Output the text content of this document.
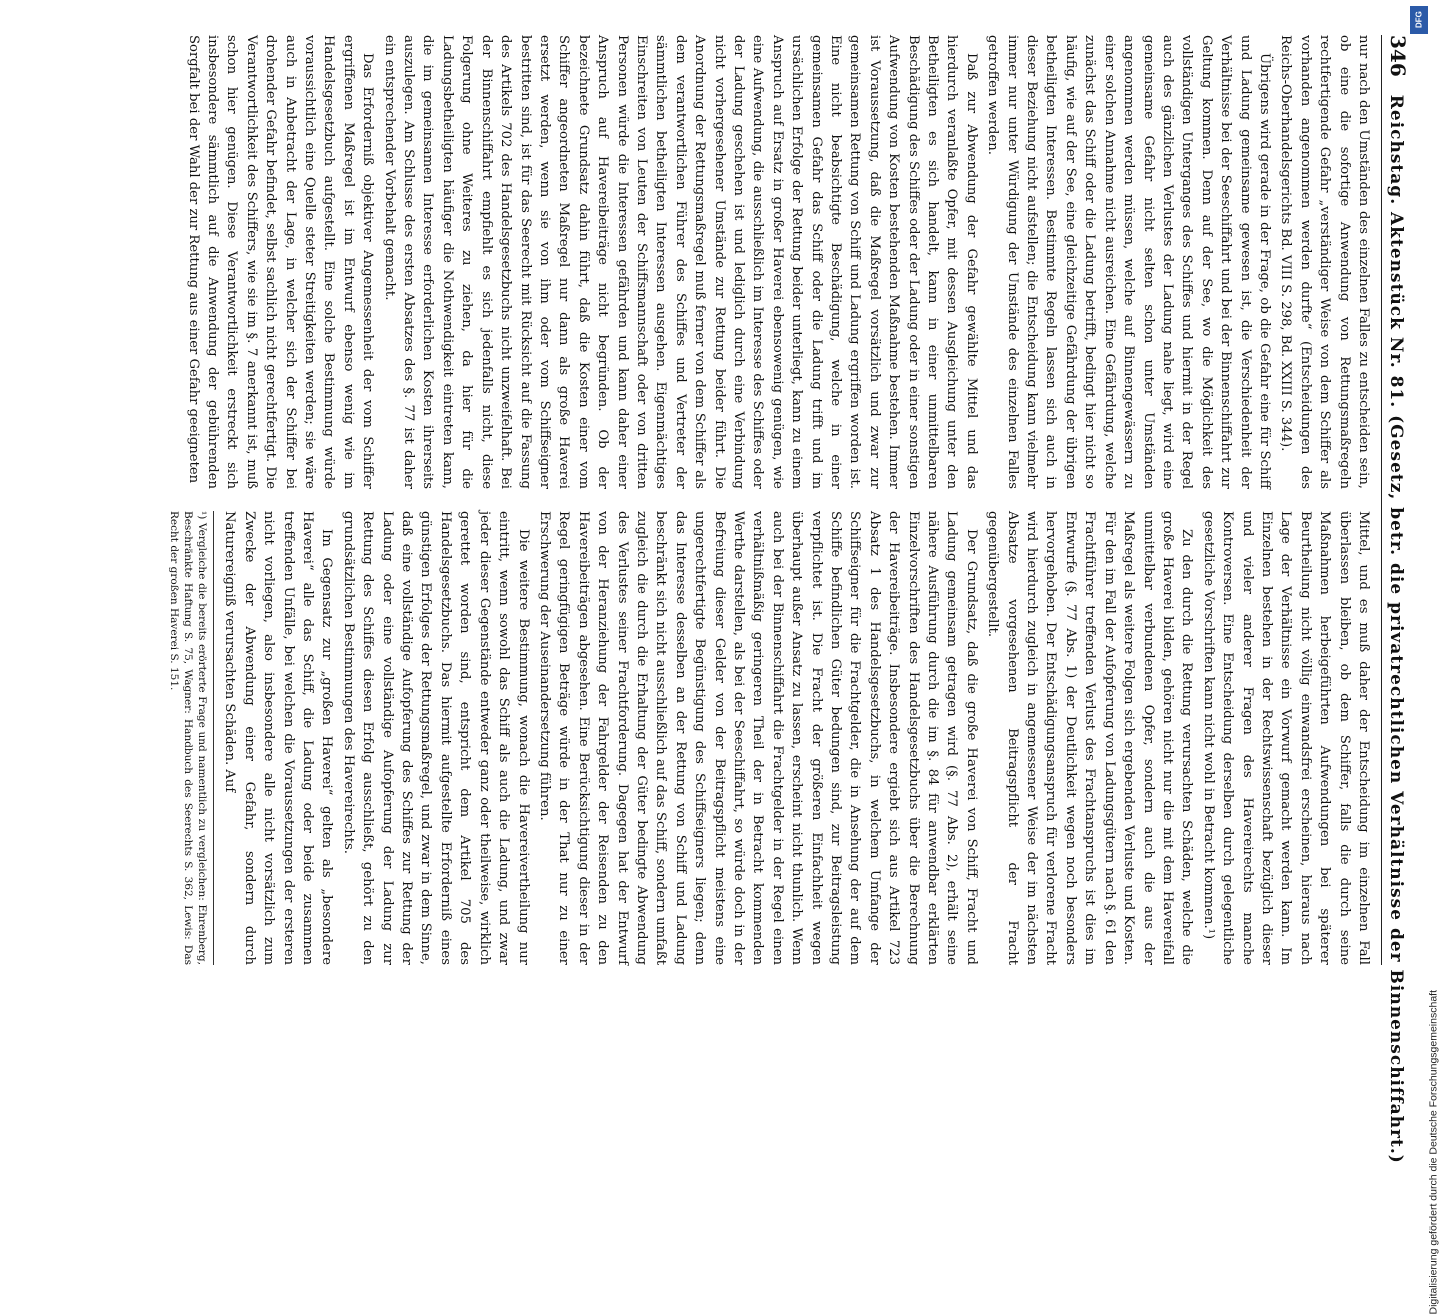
346
Reichstag. Aktenstück Nr. 81. (Gesetz, betr. die privatrechtlichen Verhältnisse der Binnenschiffahrt.)

nur nach den Umständen des einzelnen Falles zu entscheiden sein, ob eine die sofortige Anwendung von Rettungsmaßregeln rechtfertigende Gefahr „verständiger Weise von dem Schiffer als vorhanden angenommen werden durfte“ (Entscheidungen des Reichs-Oberhandelsgerichts Bd. VIII S. 298, Bd. XXIII S. 344).

Übrigens wird gerade in der Frage, ob die Gefahr eine für Schiff und Ladung gemeinsame gewesen ist, die Verschiedenheit der Verhältnisse bei der Seeschiffahrt und bei der Binnenschiffahrt zur Geltung kommen. Denn auf der See, wo die Möglichkeit des vollständigen Unterganges des Schiffes und hiermit in der Regel auch des gänzlichen Verlustes der Ladung nahe liegt, wird eine gemeinsame Gefahr nicht selten schon unter Umständen angenommen werden müssen, welche auf Binnengewässern zu einer solchen Annahme nicht ausreichen. Eine Gefährdung, welche zunächst das Schiff oder die Ladung betrifft, bedingt hier nicht so häufig, wie auf der See, eine gleichzeitige Gefährdung der übrigen betheiligten Interessen. Bestimmte Regeln lassen sich auch in dieser Beziehung nicht aufstellen; die Entscheidung kann vielmehr immer nur unter Würdigung der Umstände des einzelnen Falles getroffen werden.

Daß zur Abwendung der Gefahr gewählte Mittel und das hierdurch veranlaßte Opfer, mit dessen Ausgleichung unter den Betheiligten es sich handelt, kann in einer unmittelbaren Beschädigung des Schiffes oder der Ladung oder in einer sonstigen Aufwendung von Kosten bestehenden Maßnahme bestehen. Immer ist Voraussetzung, daß die Maßregel vorsätzlich und zwar zur gemeinsamen Rettung von Schiff und Ladung ergriffen worden ist. Eine nicht beabsichtigte Beschädigung, welche in einer gemeinsamen Gefahr das Schiff oder die Ladung trifft und im ursächlichen Erfolge der Rettung beider unterliegt, kann zu einem Anspruch auf Ersatz in großer Haverei ebensowenig genügen, wie eine Aufwendung, die ausschließlich im Interesse des Schiffes oder der Ladung geschehen ist und lediglich durch eine Verbindung nicht vorhergesehener Umstände zur Rettung beider führt. Die Anordnung der Rettungsmaßregel muß ferner von dem Schiffer als dem verantwortlichen Führer des Schiffes und Vertreter der sämmtlichen betheiligten Interessen ausgehen. Eigenmächtiges Einschreiten von Leuten der Schiffsmannschaft oder von dritten Personen würde die Interessen gefährden und kann daher einer Anspruch auf Havereibeiträge nicht begründen. Ob der bezeichnete Grundsatz dahin führt, daß die Kosten einer vom Schiffer angeordneten Maßregel nur dann als große Haverei ersetzt werden, wenn sie von ihm oder vom Schiffseigner bestritten sind, ist für das Seerecht mit Rücksicht auf die Fassung des Artikels 702 des Handelsgesetzbuchs nicht unzweifelhaft. Bei der Binnenschiffahrt empfiehlt es sich jedenfalls nicht, diese Folgerung ohne Weiteres zu ziehen, da hier für die Ladungsbetheiligten häufiger die Nothwendigkeit eintreten kann, die im gemeinsamen Interesse erforderlichen Kosten ihrerseits auszulegen. Am Schlusse des ersten Absatzes des §. 77 ist daher ein entsprechender Vorbehalt gemacht.

Das Erforderniß objektiver Angemessenheit der vom Schiffer ergriffenen Maßregel ist im Entwurf ebenso wenig wie im Handelsgesetzbuch aufgestellt. Eine solche Bestimmung würde voraussichtlich eine Quelle steter Streitigkeiten werden; sie wäre auch in Anbetracht der Lage, in welcher sich der Schiffer bei drohender Gefahr befindet, selbst sachlich nicht gerechtfertigt. Die Verantwortlichkeit des Schiffers, wie sie im §. 7 anerkannt ist, muß schon hier genügen. Diese Verantwortlichkeit erstreckt sich insbesondere sämmtlich auf die Anwendung der gebührenden Sorgfalt bei der Wahl der zur Rettung aus einer Gefahr geeigneten

Mittel, und es muß daher der Entscheidung im einzelnen Fall überlassen bleiben, ob dem Schiffer, falls die durch seine Maßnahmen herbeigeführten Aufwendungen bei späterer Beurtheilung nicht völlig einwandsfrei erscheinen, hieraus nach Lage der Verhältnisse ein Vorwurf gemacht werden kann. Im Einzelnen bestehen in der Rechtswissenschaft bezüglich dieser und vieler anderer Fragen des Havereirechts manche Kontroversen. Eine Entscheidung derselben durch gelegentliche gesetzliche Vorschriften kann nicht wohl in Betracht kommen.¹)

Zu den durch die Rettung verursachten Schäden, welche die große Haverei bilden, gehören nicht nur die mit dem Havereifall unmittelbar verbundenen Opfer, sondern auch die aus der Maßregel als weitere Folgen sich ergebenden Verluste und Kosten. Für den im Fall der Aufopferung von Ladungsgütern nach §. 61 den Frachtführer treffenden Verlust des Frachtanspruchs ist dies im Entwurfe (§. 77 Abs. 1) der Deutlichkeit wegen noch besonders hervorgehoben. Der Entschädigungsanspruch für verlorene Fracht wird hierdurch zugleich in angemessener Weise der im nächsten Absatze vorgesehenen Beitragspflicht der Fracht gegenübergestellt.

Der Grundsatz, daß die große Haverei von Schiff, Fracht und Ladung gemeinsam getragen wird (§. 77 Abs. 2), erhält seine nähere Ausführung durch die im §. 84 für anwendbar erklärten Einzelvorschriften des Handelsgesetzbuchs über die Berechnung der Havereibeiträge. Insbesondere ergiebt sich aus Artikel 723 Absatz 1 des Handelsgesetzbuchs, in welchem Umfange der Schiffseigner für die Frachtgelder, die in Ansehung der auf dem Schiffe befindlichen Güter bedungen sind, zur Beitragsleistung verpflichtet ist. Die Fracht der größeren Einfachheit wegen überhaupt außer Ansatz zu lassen, erscheint nicht thunlich. Wenn auch bei der Binnenschiffahrt die Frachtgelder in der Regel einen verhältnißmäßig geringeren Theil der in Betracht kommenden Werthe darstellen, als bei der Seeschiffahrt, so würde doch in der Befreiung dieser Gelder von der Beitragspflicht meistens eine ungerechtfertigte Begünstigung des Schiffseigners liegen; denn das Interesse desselben an der Rettung von Schiff und Ladung beschränkt sich nicht ausschließlich auf das Schiff, sondern umfaßt zugleich die durch die Erhaltung der Güter bedingte Abwendung des Verlustes seiner Frachtforderung. Dagegen hat der Entwurf von der Heranziehung der Fahrgelder der Reisenden zu den Havereibeiträgen abgesehen. Eine Berücksichtigung dieser in der Regel geringfügigen Beträge würde in der That nur zu einer Erschwerung der Auseinandersetzung führen.

Die weitere Bestimmung, wonach die Havereivertheilung nur eintritt, wenn sowohl das Schiff als auch die Ladung, und zwar jeder dieser Gegenstände entweder ganz oder theilweise, wirklich gerettet worden sind, entspricht dem Artikel 705 des Handelsgesetzbuchs. Das hiermit aufgestellte Erforderniß eines günstigen Erfolges der Rettungsmaßregel, und zwar in dem Sinne, daß eine vollständige Aufopferung des Schiffes zur Rettung der Ladung oder eine vollständige Aufopferung der Ladung zur Rettung des Schiffes diesen Erfolg ausschließt, gehört zu den grundsätzlichen Bestimmungen des Havereirechts.

Im Gegensatz zur „großen Haverei“ gelten als „besondere Haverei“ alle das Schiff, die Ladung oder beide zusammen treffenden Unfälle, bei welchen die Voraussetzungen der ersteren nicht vorliegen, also insbesondere alle nicht vorsätzlich zum Zwecke der Abwendung einer Gefahr, sondern durch Naturereigniß verursachten Schäden. Auf

¹) Vergleiche die bereits erörterte Frage und namentlich zu vergleichen: Ehrenberg, Beschränkte Haftung S. 75, Wagner: Handbuch des Seerechts S. 362, Lewis: Das Recht der großen Haverei S. 151.
DFG
Digitalisierung gefördert durch die Deutsche Forschungsgemeinschaft
